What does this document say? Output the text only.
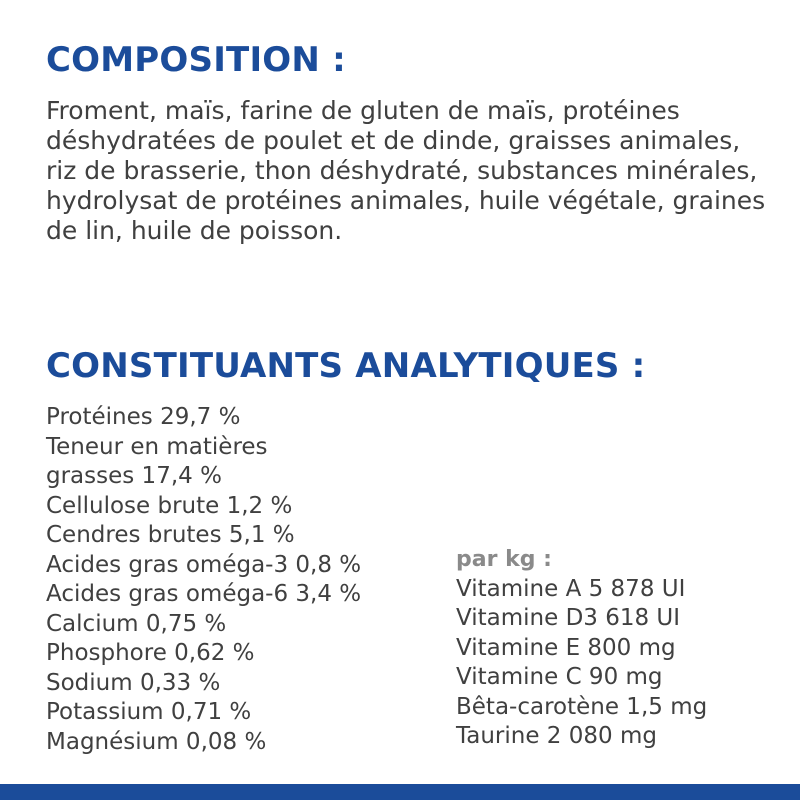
COMPOSITION :

Froment, maïs, farine de gluten de maïs, protéines déshydratées de poulet et de dinde, graisses animales, riz de brasserie, thon déshydraté, substances minérales, hydrolysat de protéines animales, huile végétale, graines de lin, huile de poisson.

CONSTITUANTS ANALYTIQUES :
Protéines 29,7 %
Teneur en matières
grasses 17,4 %
Cellulose brute 1,2 %
Cendres brutes 5,1 %
Acides gras oméga-3 0,8 %
Acides gras oméga-6 3,4 %
Calcium 0,75 %
Phosphore 0,62 %
Sodium 0,33 %
Potassium 0,71 %
Magnésium 0,08 %

par kg :

Vitamine A 5 878 UI
Vitamine D3 618 UI
Vitamine E 800 mg
Vitamine C 90 mg
Bêta-carotène 1,5 mg
Taurine 2 080 mg
